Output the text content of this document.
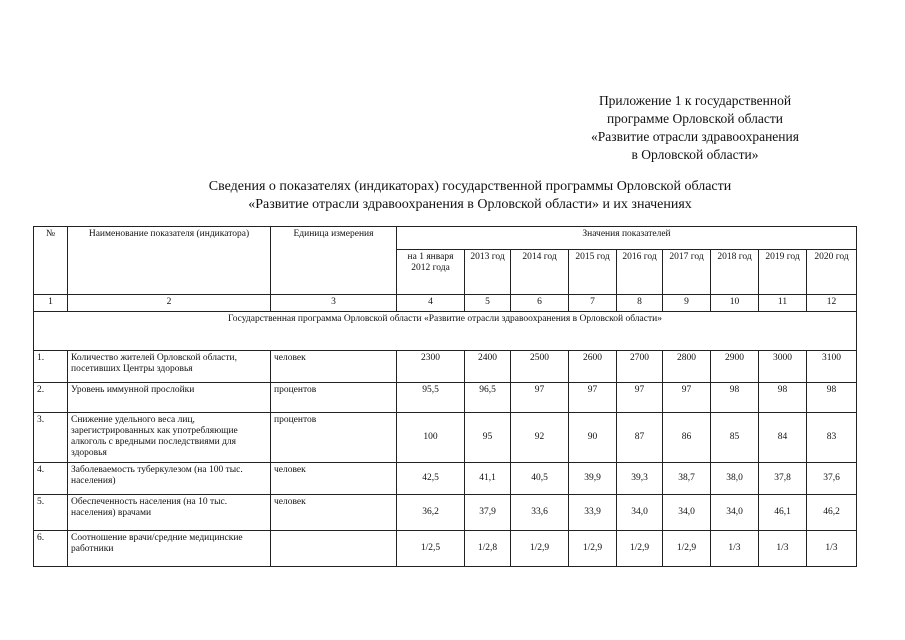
Приложение 1 к государственной
программе Орловской области
«Развитие отрасли здравоохранения
в Орловской области»
Сведения о показателях (индикаторах) государственной программы Орловской области
«Развитие отрасли здравоохранения в Орловской области» и их значениях
№	Наименование показателя (индикатора)	Единица измерения	Значения показателей								
			на 1 января 2012 года	2013 год	2014 год	2015 год	2016 год	2017 год	2018 год	2019 год	2020 год
1	2	3	4	5	6	7	8	9	10	11	12
Государственная программа Орловской области «Развитие отрасли здравоохранения в Орловской области»											
1.	Количество жителей Орловской области, посетивших Центры здоровья	человек	2300	2400	2500	2600	2700	2800	2900	3000	3100
2.	Уровень иммунной прослойки	процентов	95,5	96,5	97	97	97	97	98	98	98
3.	Снижение удельного веса лиц, зарегистрированных как употребляющие алкоголь с вредными последствиями для здоровья	процентов	100	95	92	90	87	86	85	84	83
4.	Заболеваемость туберкулезом (на 100 тыс. населения)	человек	42,5	41,1	40,5	39,9	39,3	38,7	38,0	37,8	37,6
5.	Обеспеченность населения (на 10 тыс. населения) врачами	человек	36,2	37,9	33,6	33,9	34,0	34,0	34,0	46,1	46,2
6.	Соотношение врачи/средние медицинские работники		1/2,5	1/2,8	1/2,9	1/2,9	1/2,9	1/2,9	1/3	1/3	1/3
